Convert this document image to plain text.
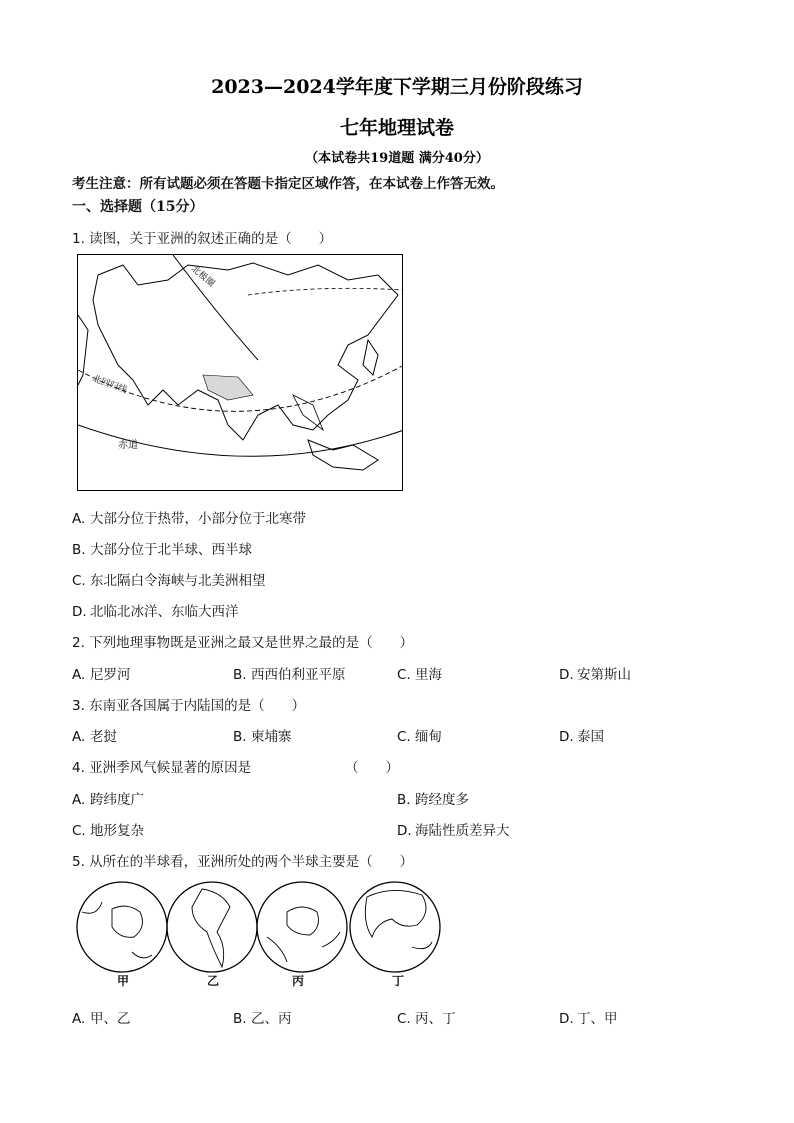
2023—2024学年度下学期三月份阶段练习
七年地理试卷
（本试卷共19道题 满分40分）
考生注意：所有试题必须在答题卡指定区域作答，在本试卷上作答无效。
一、选择题（15分）
1. 读图，关于亚洲的叙述正确的是（　　）
北极圈
北回归线
赤道
A. 大部分位于热带，小部分位于北寒带
B. 大部分位于北半球、西半球
C. 东北隔白令海峡与北美洲相望
D. 北临北冰洋、东临大西洋
2. 下列地理事物既是亚洲之最又是世界之最的是（　　）
A. 尼罗河	B. 西西伯利亚平原	C. 里海	D. 安第斯山
3. 东南亚各国属于内陆国的是（　　）
A. 老挝	B. 柬埔寨	C. 缅甸	D. 泰国
4. 亚洲季风气候显著的原因是	（　　）
A. 跨纬度广	B. 跨经度多
C. 地形复杂	D. 海陆性质差异大
5. 从所在的半球看，亚洲所处的两个半球主要是（　　）
甲	乙	丙	丁
A. 甲、乙	B. 乙、丙	C. 丙、丁	D. 丁、甲
